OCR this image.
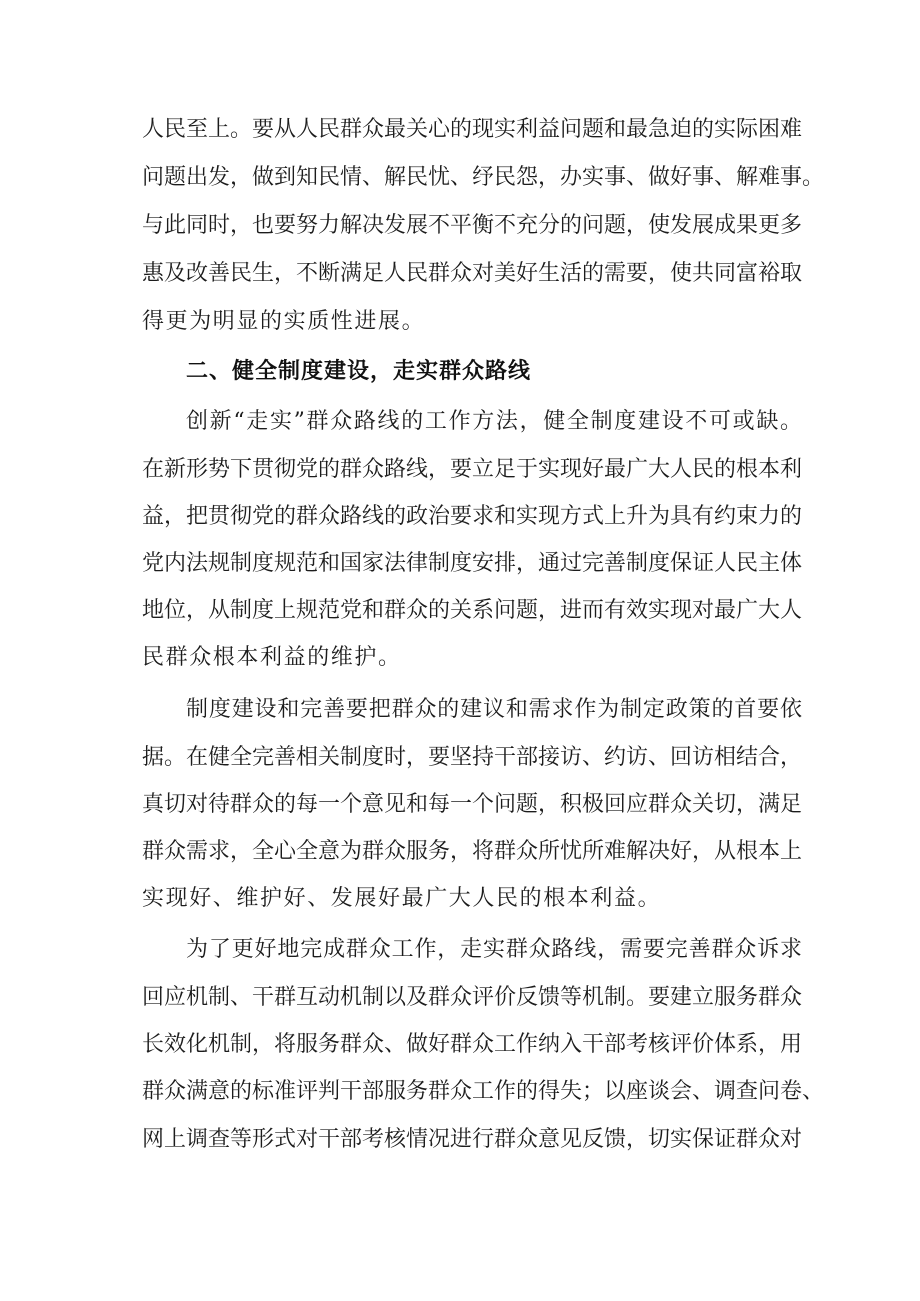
人民至上。要从人民群众最关心的现实利益问题和最急迫的实际困难
问题出发，做到知民情、解民忧、纾民怨，办实事、做好事、解难事。
与此同时，也要努力解决发展不平衡不充分的问题，使发展成果更多
惠及改善民生，不断满足人民群众对美好生活的需要，使共同富裕取
得更为明显的实质性进展。
二、健全制度建设，走实群众路线
创新“走实”群众路线的工作方法，健全制度建设不可或缺。
在新形势下贯彻党的群众路线，要立足于实现好最广大人民的根本利
益，把贯彻党的群众路线的政治要求和实现方式上升为具有约束力的
党内法规制度规范和国家法律制度安排，通过完善制度保证人民主体
地位，从制度上规范党和群众的关系问题，进而有效实现对最广大人
民群众根本利益的维护。
制度建设和完善要把群众的建议和需求作为制定政策的首要依
据。在健全完善相关制度时，要坚持干部接访、约访、回访相结合，
真切对待群众的每一个意见和每一个问题，积极回应群众关切，满足
群众需求，全心全意为群众服务，将群众所忧所难解决好，从根本上
实现好、维护好、发展好最广大人民的根本利益。
为了更好地完成群众工作，走实群众路线，需要完善群众诉求
回应机制、干群互动机制以及群众评价反馈等机制。要建立服务群众
长效化机制，将服务群众、做好群众工作纳入干部考核评价体系，用
群众满意的标准评判干部服务群众工作的得失；以座谈会、调查问卷、
网上调查等形式对干部考核情况进行群众意见反馈，切实保证群众对
